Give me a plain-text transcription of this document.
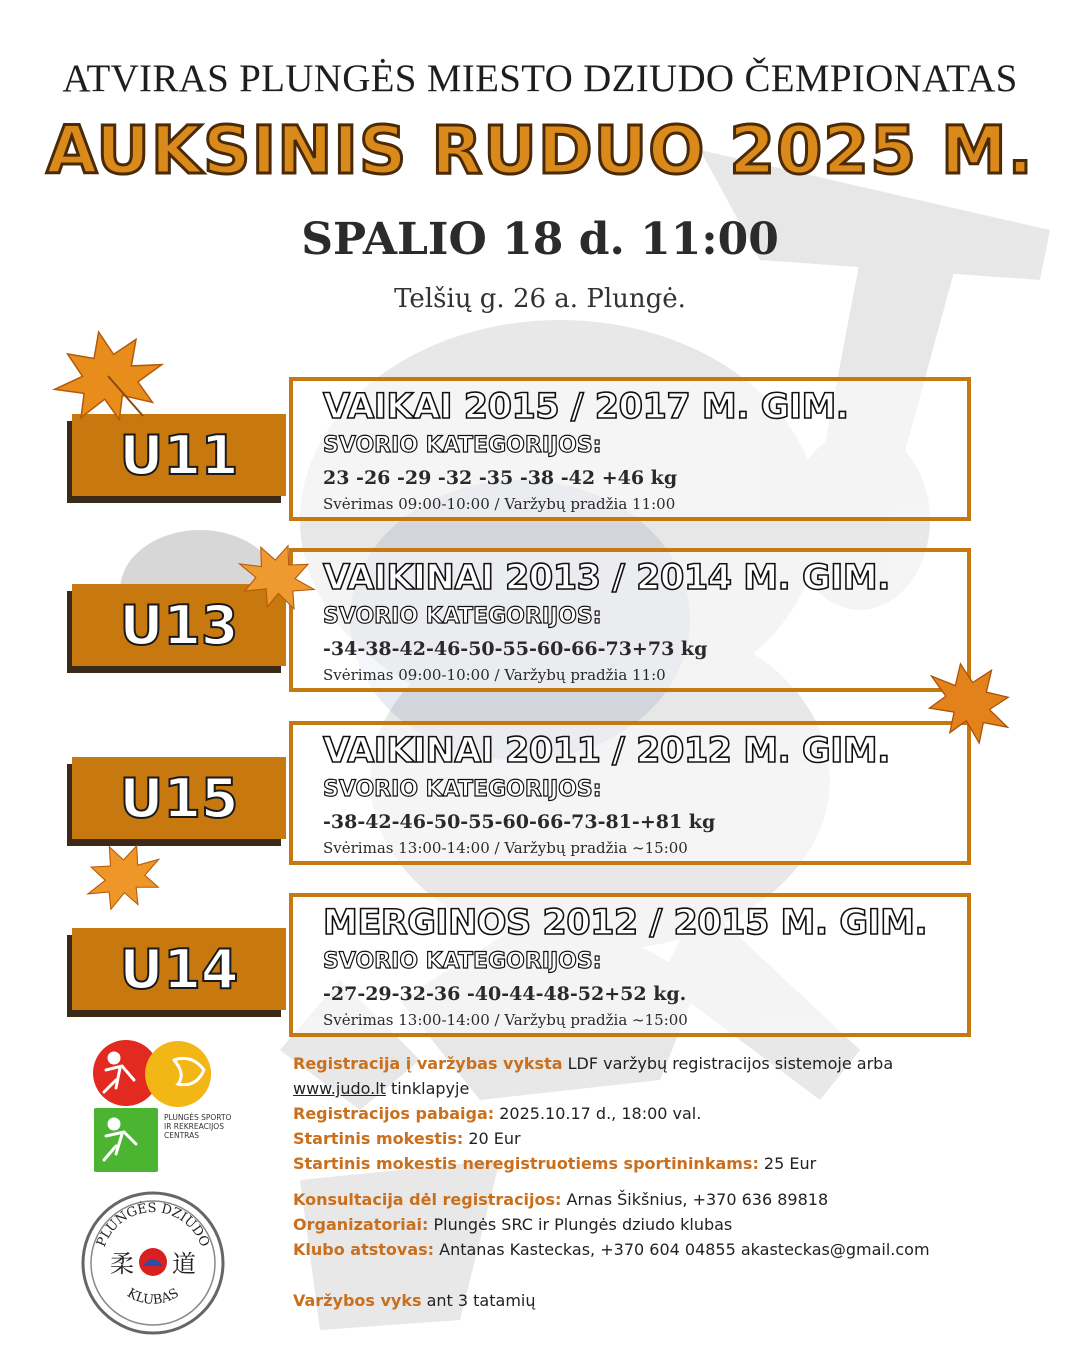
ATVIRAS PLUNGĖS MIESTO DZIUDO ČEMPIONATAS
AUKSINIS RUDUO 2025 M.
SPALIO 18 d. 11:00
Telšių g. 26 a. Plungė.
U11
VAIKAI 2015 / 2017 M. GIM.
SVORIO KATEGORIJOS:
23 -26 -29 -32 -35 -38 -42 +46 kg
Svėrimas 09:00-10:00 / Varžybų pradžia 11:00
U13
VAIKINAI 2013 / 2014 M. GIM.
SVORIO KATEGORIJOS:
-34-38-42-46-50-55-60-66-73+73 kg
Svėrimas 09:00-10:00 / Varžybų pradžia 11:0
U15
VAIKINAI 2011 / 2012 M. GIM.
SVORIO KATEGORIJOS:
-38-42-46-50-55-60-66-73-81-+81 kg
Svėrimas 13:00-14:00 / Varžybų pradžia ~15:00
U14
MERGINOS 2012 / 2015 M. GIM.
SVORIO KATEGORIJOS:
-27-29-32-36 -40-44-48-52+52 kg.
Svėrimas 13:00-14:00 / Varžybų pradžia ~15:00
PLUNGĖS SPORTO IR REKREACIJOS CENTRAS
PLUNGĖS DZIUDO
KLUBAS
柔 道
Registracija į varžybas vyksta LDF varžybų registracijos sistemoje arba
www.judo.lt tinklapyje
Registracijos pabaiga: 2025.10.17 d., 18:00 val.
Startinis mokestis: 20 Eur
Startinis mokestis neregistruotiems sportininkams: 25 Eur
Konsultacija dėl registracijos: Arnas Šikšnius, +370 636 89818
Organizatoriai: Plungės SRC ir Plungės dziudo klubas
Klubo atstovas: Antanas Kasteckas, +370 604 04855 akasteckas@gmail.com
Varžybos vyks ant 3 tatamių
